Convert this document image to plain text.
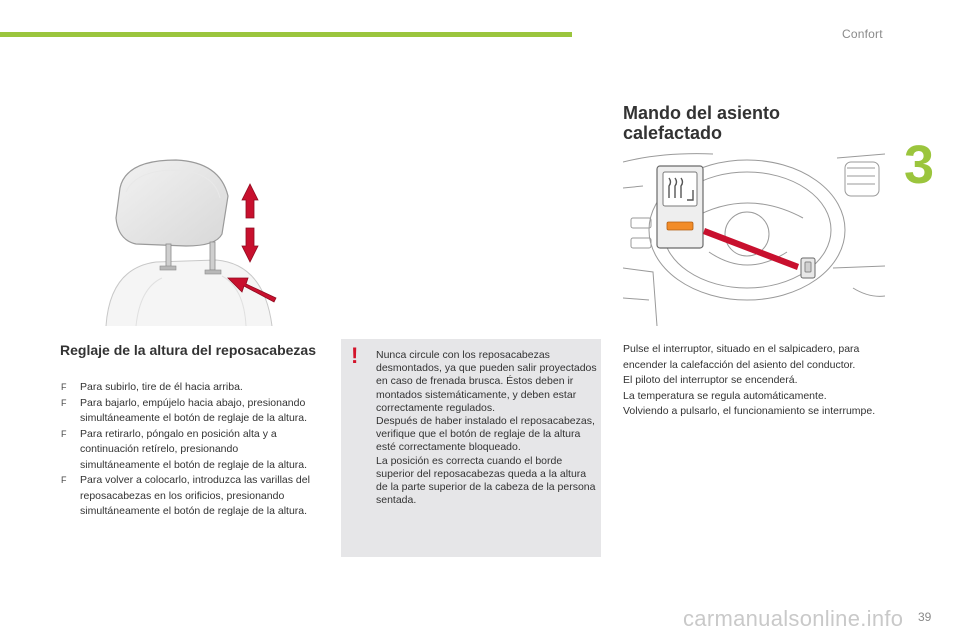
Confort
3
Reglaje de la altura del reposacabezas
F Para subirlo, tire de él hacia arriba.
F Para bajarlo, empújelo hacia abajo, presionando simultáneamente el botón de reglaje de la altura.
F Para retirarlo, póngalo en posición alta y a continuación retírelo, presionando simultáneamente el botón de reglaje de la altura.
F Para volver a colocarlo, introduzca las varillas del reposacabezas en los orificios, presionando simultáneamente el botón de reglaje de la altura.
! Nunca circule con los reposacabezas desmontados, ya que pueden salir proyectados en caso de frenada brusca. Éstos deben ir montados sistemáticamente, y deben estar correctamente regulados.

Después de haber instalado el reposacabezas, verifique que el botón de reglaje de la altura esté correctamente bloqueado.

La posición es correcta cuando el borde superior del reposacabezas queda a la altura de la parte superior de la cabeza de la persona sentada.

Mando del asiento calefactado

Pulse el interruptor, situado en el salpicadero, para encender la calefacción del asiento del conductor.

El piloto del interruptor se encenderá.

La temperatura se regula automáticamente.

Volviendo a pulsarlo, el funcionamiento se interrumpe.

39
carmanualsonline.info
